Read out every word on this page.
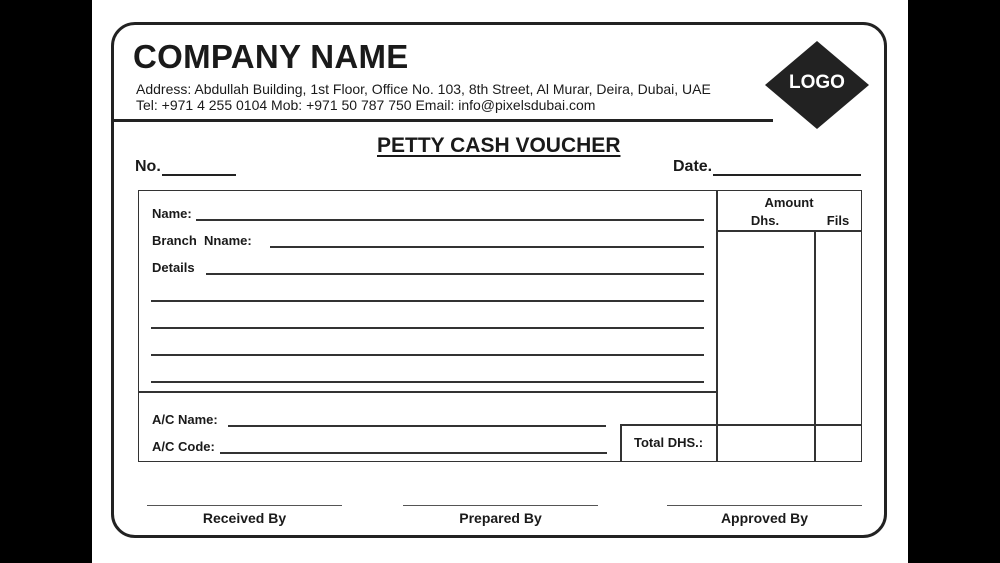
COMPANY NAME
Address: Abdullah Building, 1st Floor, Office No. 103, 8th Street, Al Murar, Deira, Dubai, UAE
Tel: +971 4 255 0104 Mob: +971 50 787 750 Email: info@pixelsdubai.com
LOGO
PETTY CASH VOUCHER
No.	Date.
Amount
Dhs.	Fils
Name:
Branch  Nname:
Details
A/C Name:
A/C Code:	Total DHS.:
Received By	Prepared By	Approved By
